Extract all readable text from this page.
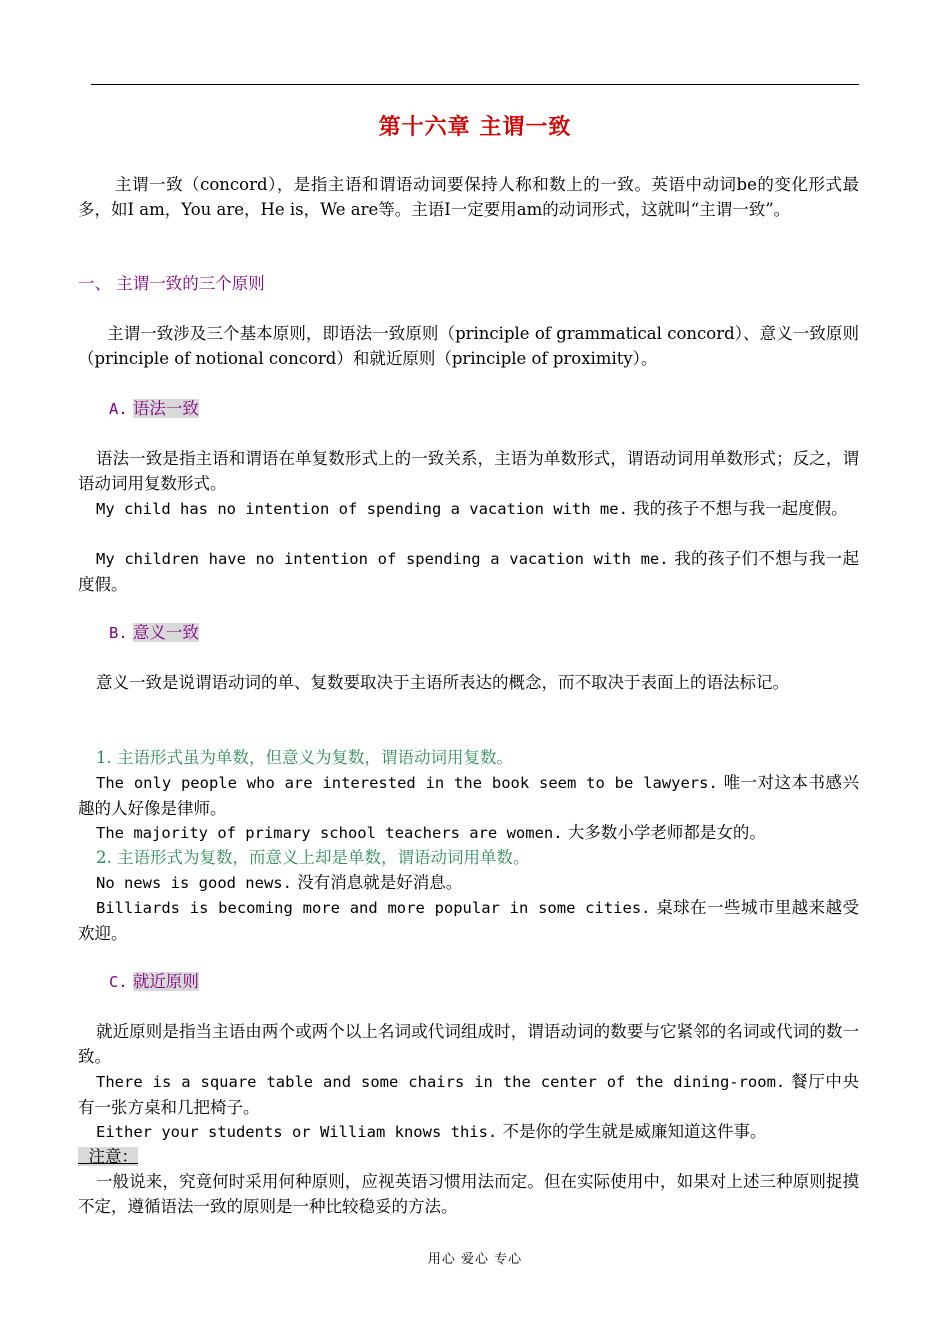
第十六章 主谓一致

主谓一致（concord），是指主语和谓语动词要保持人称和数上的一致。英语中动词be的变化形式最多，如I am，You are，He is，We are等。主语I一定要用am的动词形式，这就叫“主谓一致”。

一、 主谓一致的三个原则

主谓一致涉及三个基本原则，即语法一致原则（principle of grammatical concord）、意义一致原则（principle of notional concord）和就近原则（principle of proximity）。

A. 语法一致

语法一致是指主语和谓语在单复数形式上的一致关系，主语为单数形式，谓语动词用单数形式；反之，谓语动词用复数形式。

My child has no intention of spending a vacation with me. 我的孩子不想与我一起度假。

My children have no intention of spending a vacation with me. 我的孩子们不想与我一起度假。

B. 意义一致

意义一致是说谓语动词的单、复数要取决于主语所表达的概念，而不取决于表面上的语法标记。

1. 主语形式虽为单数，但意义为复数，谓语动词用复数。

The only people who are interested in the book seem to be lawyers. 唯一对这本书感兴趣的人好像是律师。

The majority of primary school teachers are women. 大多数小学老师都是女的。

2. 主语形式为复数，而意义上却是单数，谓语动词用单数。

No news is good news. 没有消息就是好消息。

Billiards is becoming more and more popular in some cities. 桌球在一些城市里越来越受欢迎。

C. 就近原则

就近原则是指当主语由两个或两个以上名词或代词组成时，谓语动词的数要与它紧邻的名词或代词的数一致。

There is a square table and some chairs in the center of the dining-room. 餐厅中央有一张方桌和几把椅子。

Either your students or William knows this. 不是你的学生就是威廉知道这件事。

注意：

一般说来，究竟何时采用何种原则，应视英语习惯用法而定。但在实际使用中，如果对上述三种原则捉摸不定，遵循语法一致的原则是一种比较稳妥的方法。

用心 爱心 专心
